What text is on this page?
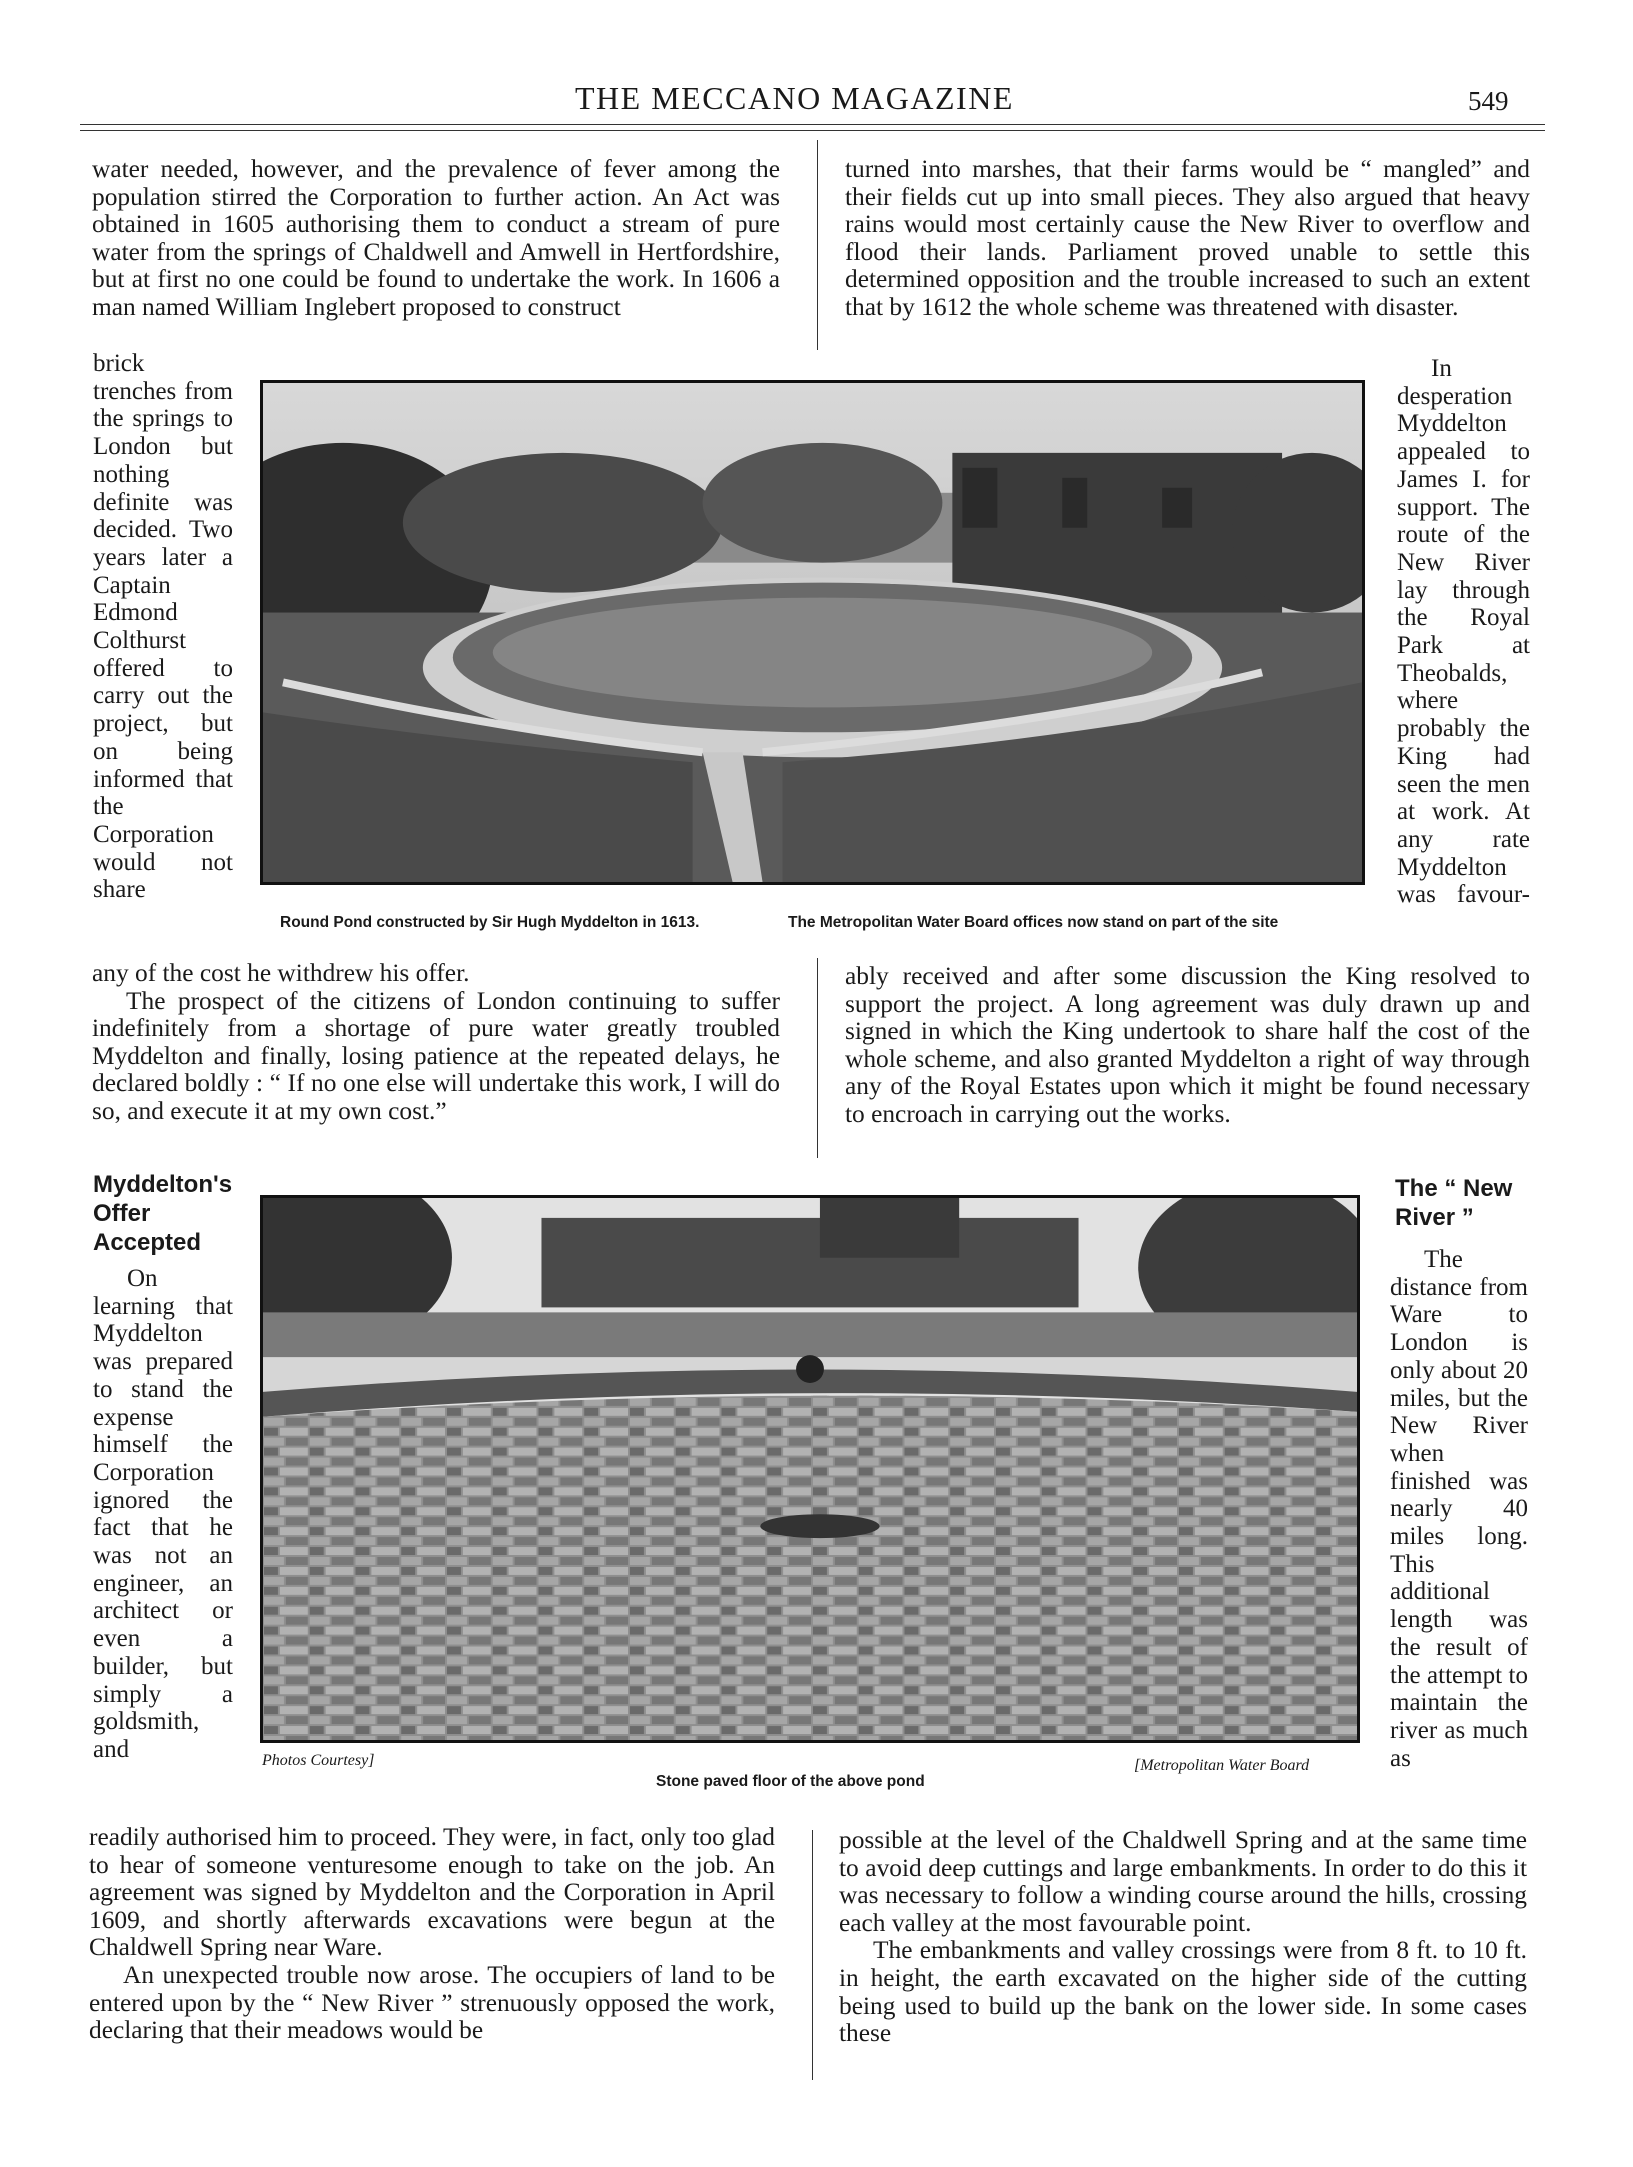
THE MECCANO MAGAZINE	549

water needed, however, and the prevalence of fever among the population stirred the Corporation to further action. An Act was obtained in 1605 authorising them to conduct a stream of pure water from the springs of Chaldwell and Amwell in Hertfordshire, but at first no one could be found to undertake the work. In 1606 a man named William Inglebert proposed to construct

brick trenches from the springs to London but nothing definite was decided. Two years later a Captain Edmond Colthurst offered to carry out the project, but on being informed that the Corporation would not share

any of the cost he withdrew his offer.

The prospect of the citizens of London continuing to suffer indefinitely from a shortage of pure water greatly troubled Myddelton and finally, losing patience at the repeated delays, he declared boldly : “ If no one else will undertake this work, I will do so, and execute it at my own cost.”

turned into marshes, that their farms would be “ mangled” and their fields cut up into small pieces. They also argued that heavy rains would most certainly cause the New River to overflow and flood their lands. Parliament proved unable to settle this determined opposition and the trouble increased to such an extent that by 1612 the whole scheme was threatened with disaster.

In desperation Myddelton appealed to James I. for support. The route of the New River lay through the Royal Park at Theobalds, where probably the King had seen the men at work. At any rate Myddelton was favour-

ably received and after some discussion the King resolved to support the project. A long agreement was duly drawn up and signed in which the King undertook to share half the cost of the whole scheme, and also granted Myddelton a right of way through any of the Royal Estates upon which it might be found necessary to encroach in carrying out the works.

Round Pond constructed by Sir Hugh Myddelton in 1613.	The Metropolitan Water Board offices now stand on part of the site

Myddelton's Offer Accepted

On learning that Myddelton was prepared to stand the expense himself the Corporation ignored the fact that he was not an engineer, an architect or even a builder, but simply a goldsmith, and

The “ New River ”

The distance from Ware to London is only about 20 miles, but the New River when finished was nearly 40 miles long. This additional length was the result of the attempt to maintain the river as much as

Photos Courtesy]

Stone paved floor of the above pond

[Metropolitan Water Board

readily authorised him to proceed. They were, in fact, only too glad to hear of someone venturesome enough to take on the job. An agreement was signed by Myddelton and the Corporation in April 1609, and shortly afterwards excavations were begun at the Chaldwell Spring near Ware.

An unexpected trouble now arose. The occupiers of land to be entered upon by the “ New River ” strenuously opposed the work, declaring that their meadows would be

possible at the level of the Chaldwell Spring and at the same time to avoid deep cuttings and large embankments. In order to do this it was necessary to follow a winding course around the hills, crossing each valley at the most favourable point.

The embankments and valley crossings were from 8 ft. to 10 ft. in height, the earth excavated on the higher side of the cutting being used to build up the bank on the lower side. In some cases these
